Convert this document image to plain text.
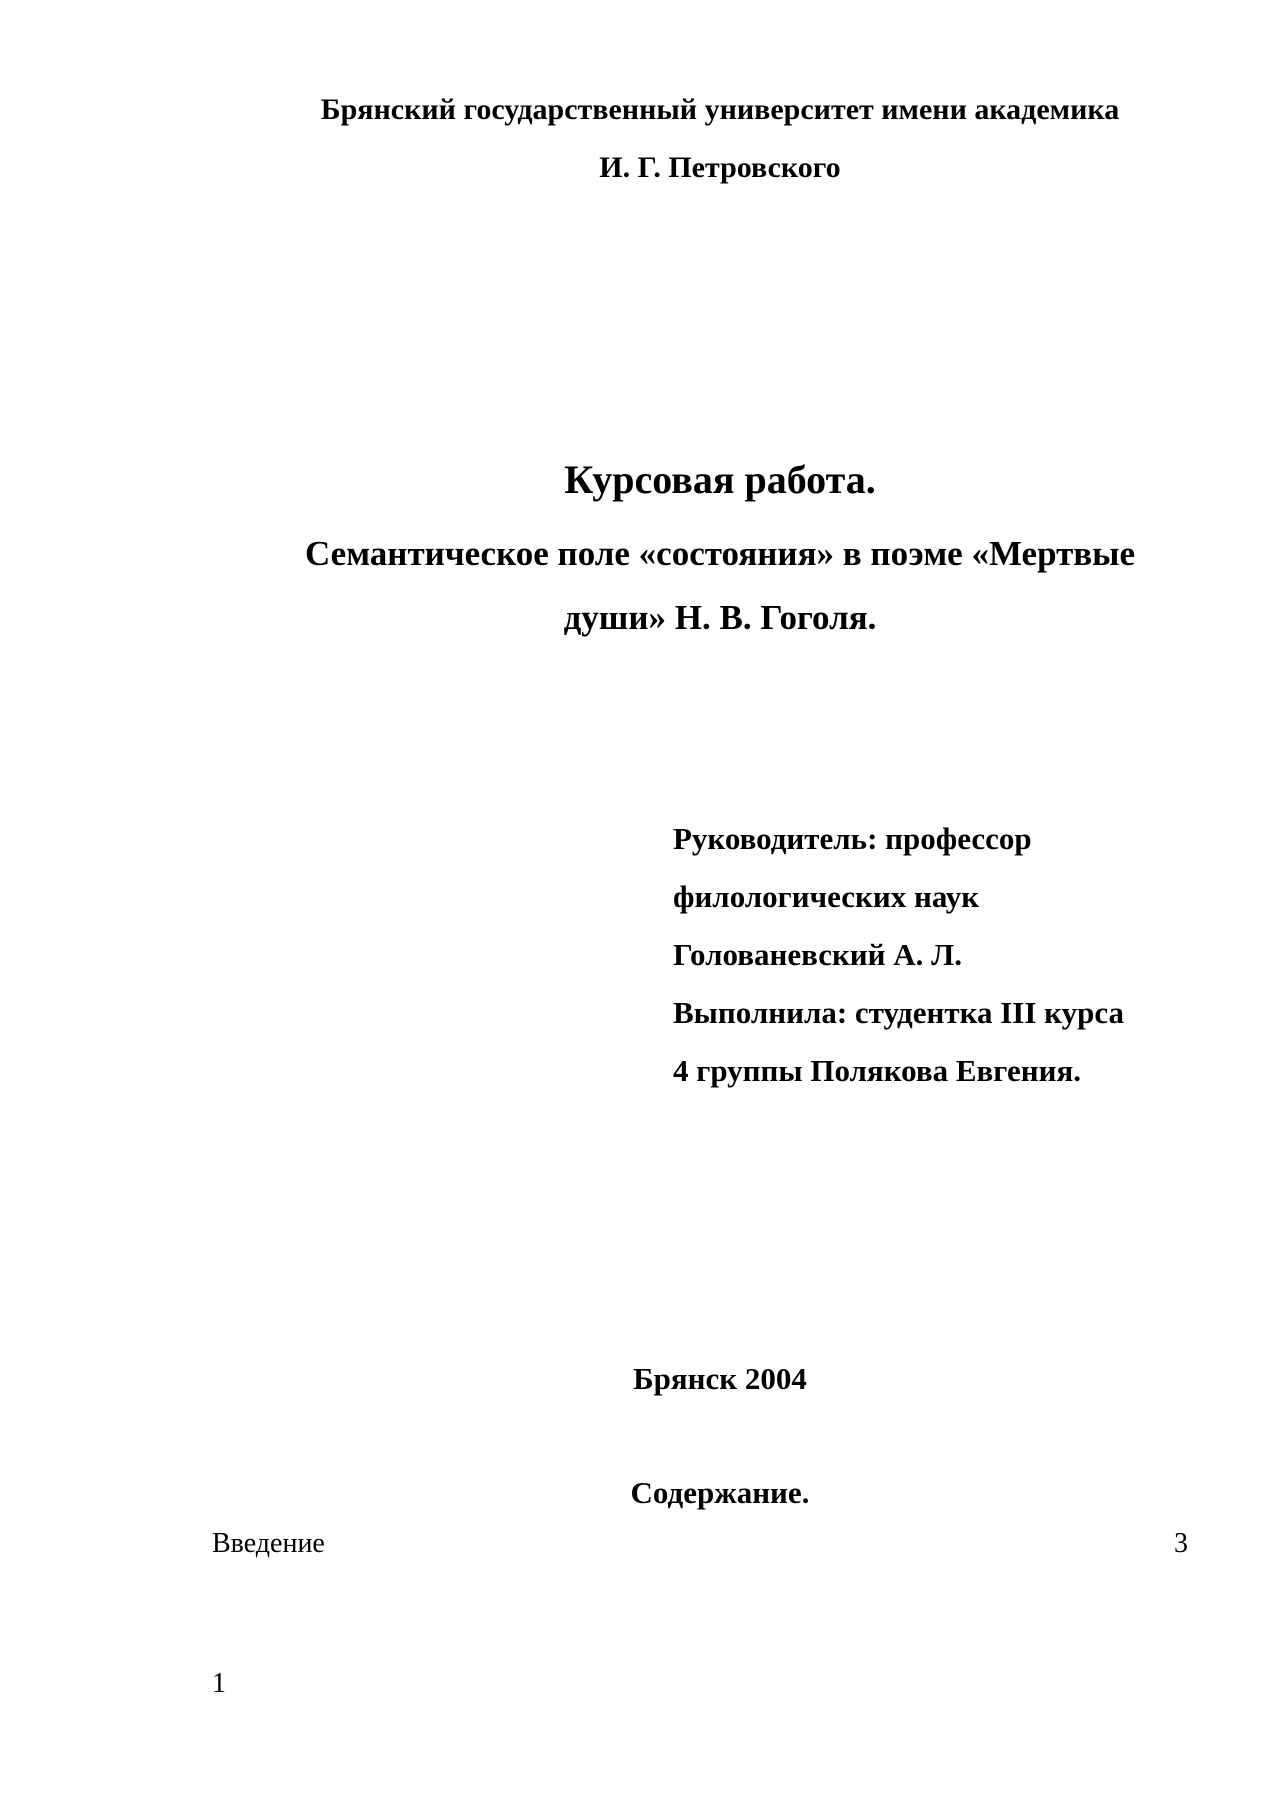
Брянский государственный университет имени академика
И. Г. Петровского
Курсовая работа.
Семантическое поле «состояния» в поэме «Мертвые
души» Н. В. Гоголя.
Руководитель: профессор
филологических наук
Голованевский А. Л.
Выполнила: студентка III курса
4 группы Полякова Евгения.
Брянск 2004
Содержание.
Введение	3
1
